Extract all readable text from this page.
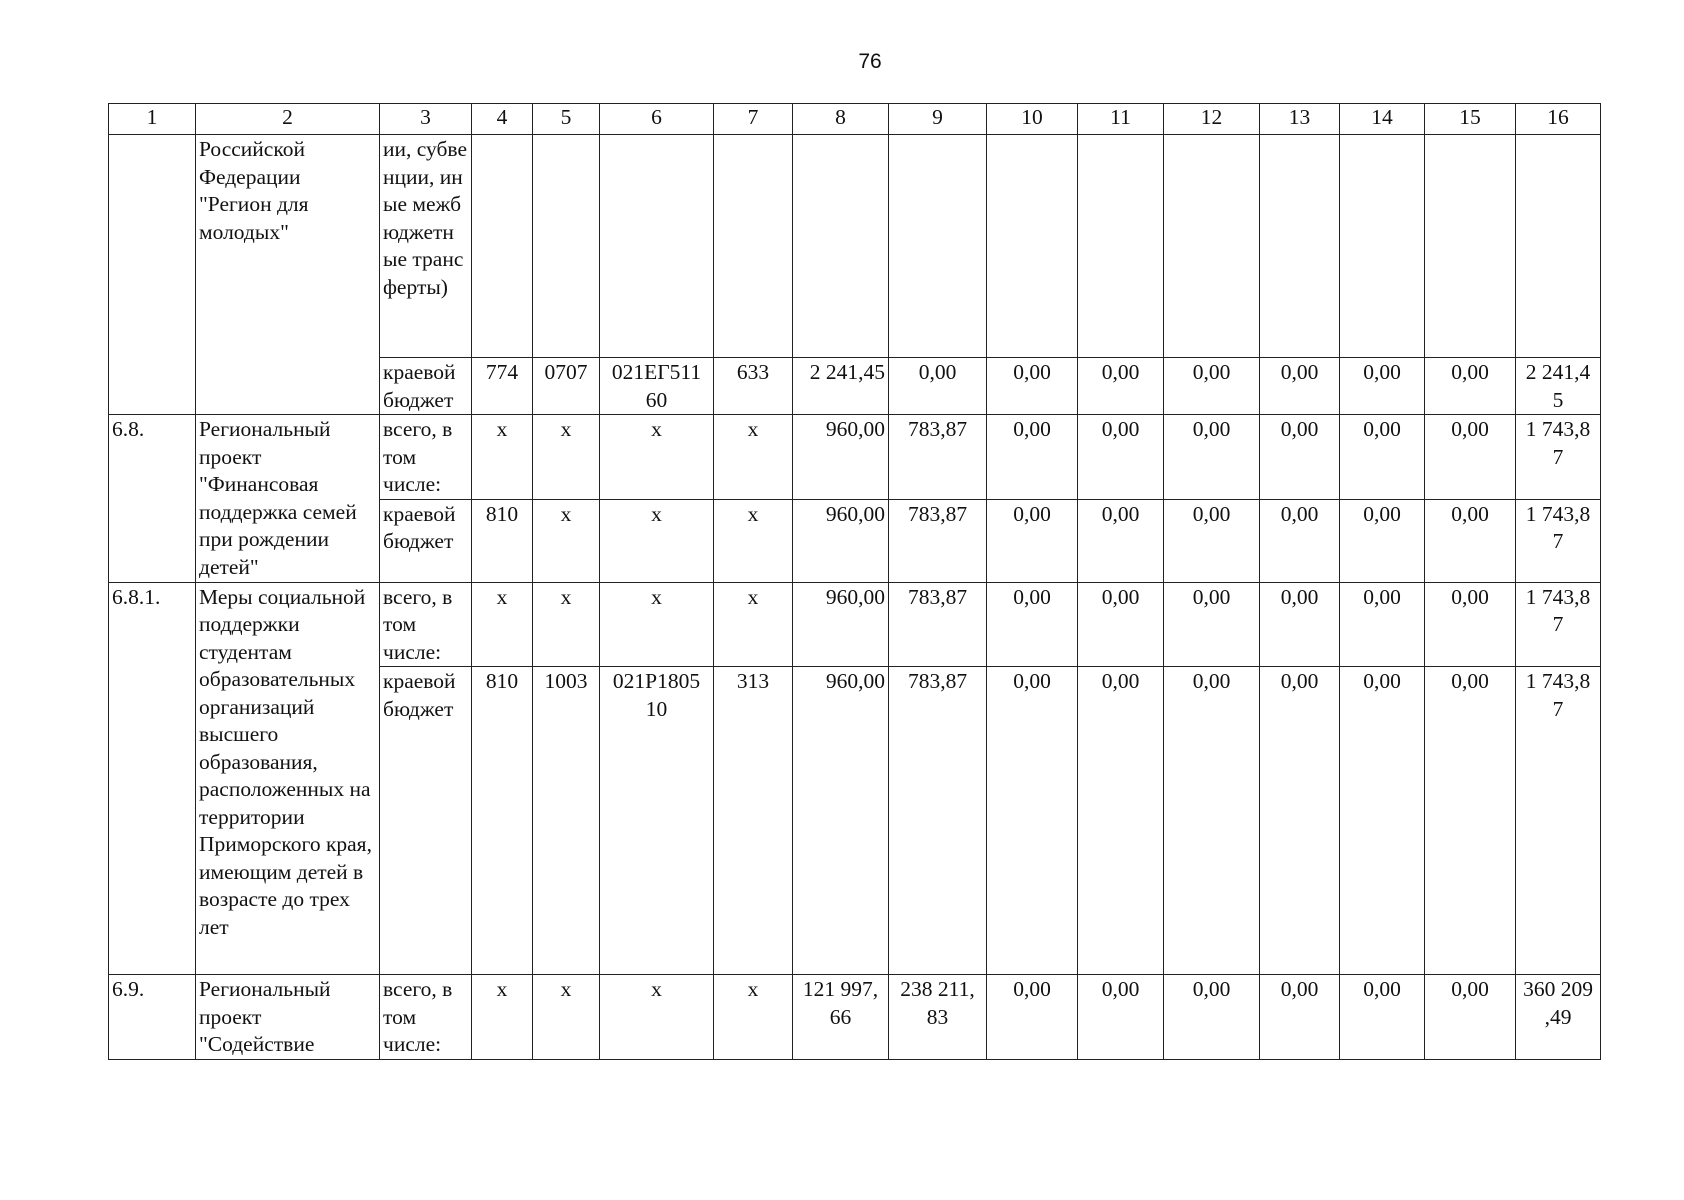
76
1	2	3	4	5	6	7	8	9	10	11	12	13	14	15	16
	Российской Федерации "Регион для молодых"	ии, субвенции, иные межбюджетные трансферты)													
		краевой бюджет	774	0707	021EГ511 60	633	2 241,45	0,00	0,00	0,00	0,00	0,00	0,00	0,00	2 241,4 5
6.8.	Региональный проект "Финансовая поддержка семей при рождении детей"	всего, в том числе:	x	x	x	x	960,00	783,87	0,00	0,00	0,00	0,00	0,00	0,00	1 743,8 7
		краевой бюджет	810	x	x	x	960,00	783,87	0,00	0,00	0,00	0,00	0,00	0,00	1 743,8 7
6.8.1.	Меры социальной поддержки студентам образовательных организаций высшего образования, расположенных на территории Приморского края, имеющим детей в возрасте до трех лет	всего, в том числе:	x	x	x	x	960,00	783,87	0,00	0,00	0,00	0,00	0,00	0,00	1 743,8 7
		краевой бюджет	810	1003	021P1805 10	313	960,00	783,87	0,00	0,00	0,00	0,00	0,00	0,00	1 743,8 7
6.9.	Региональный проект "Содействие	всего, в том числе:	x	x	x	x	121 997, 66	238 211, 83	0,00	0,00	0,00	0,00	0,00	0,00	360 209 ,49
